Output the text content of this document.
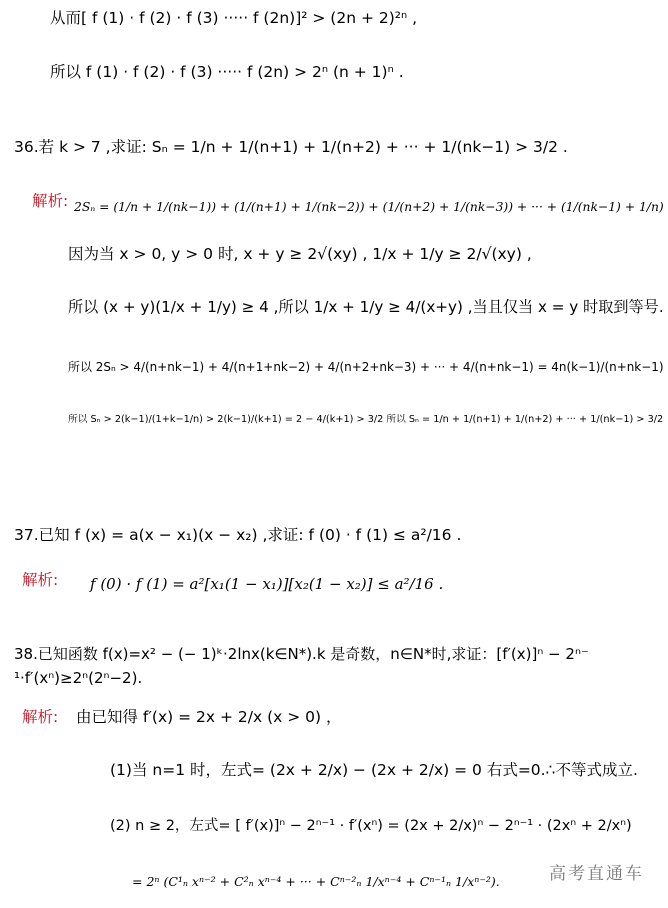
从而[ f (1) · f (2) · f (3) ····· f (2n)]² > (2n + 2)²ⁿ ,
所以 f (1) · f (2) · f (3) ····· f (2n) > 2ⁿ (n + 1)ⁿ .
36.若 k > 7 ,求证: Sₙ = 1/n + 1/(n+1) + 1/(n+2) + ··· + 1/(nk−1) > 3/2 .
解析: 2Sₙ = (1/n + 1/(nk−1)) + (1/(n+1) + 1/(nk−2)) + (1/(n+2) + 1/(nk−3)) + ··· + (1/(nk−1) + 1/n)
因为当 x > 0, y > 0 时, x + y ≥ 2√(xy) , 1/x + 1/y ≥ 2/√(xy) ,
所以 (x + y)(1/x + 1/y) ≥ 4 ,所以 1/x + 1/y ≥ 4/(x+y) ,当且仅当 x = y 时取到等号.
所以 2Sₙ > 4/(n+nk−1) + 4/(n+1+nk−2) + 4/(n+2+nk−3) + ··· + 4/(n+nk−1) = 4n(k−1)/(n+nk−1)
所以 Sₙ > 2(k−1)/(1+k−1/n) > 2(k−1)/(k+1) = 2 − 4/(k+1) > 3/2 所以 Sₙ = 1/n + 1/(n+1) + 1/(n+2) + ··· + 1/(nk−1) > 3/2
37.已知 f (x) = a(x − x₁)(x − x₂) ,求证: f (0) · f (1) ≤ a²/16 .
解析: f (0) · f (1) = a²[x₁(1 − x₁)][x₂(1 − x₂)] ≤ a²/16 .
38.已知函数 f(x)=x² − (− 1)ᵏ·2lnx(k∈N*).k 是奇数，n∈N*时,求证：[f′(x)]ⁿ − 2ⁿ⁻
¹·f′(xⁿ)≥2ⁿ(2ⁿ−2).
解析: 由已知得 f′(x) = 2x + 2/x (x > 0) ，
(1)当 n=1 时，左式= (2x + 2/x) − (2x + 2/x) = 0 右式=0.∴不等式成立.
(2) n ≥ 2，左式= [ f′(x)]ⁿ − 2ⁿ⁻¹ · f′(xⁿ) = (2x + 2/x)ⁿ − 2ⁿ⁻¹ · (2xⁿ + 2/xⁿ)
= 2ⁿ (C¹ₙ xⁿ⁻² + C²ₙ xⁿ⁻⁴ + ··· + Cⁿ⁻²ₙ 1/xⁿ⁻⁴ + Cⁿ⁻¹ₙ 1/xⁿ⁻²).	高考直通车
